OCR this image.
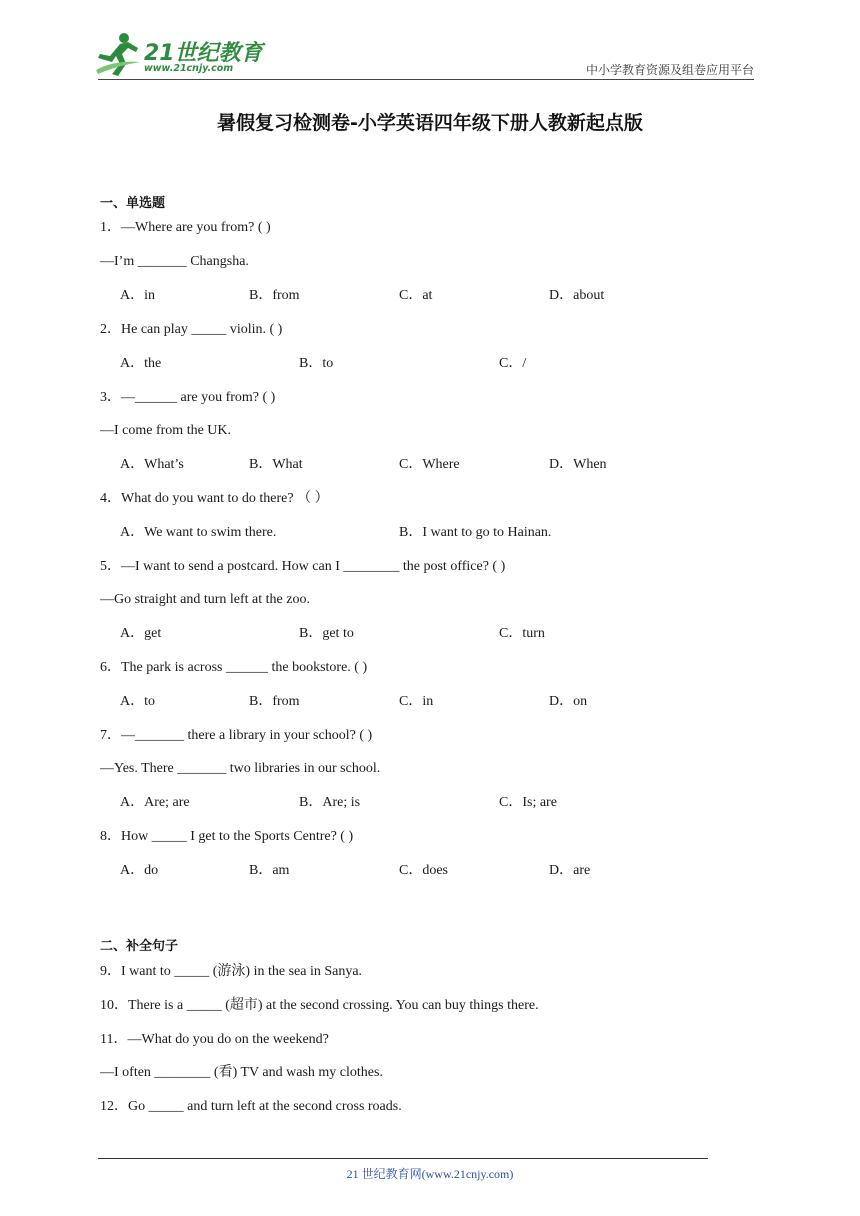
21世纪教育
www.21cnjy.com	中小学教育资源及组卷应用平台
暑假复习检测卷-小学英语四年级下册人教新起点版
一、单选题
1．—Where are you from? ( )
—I’m _______ Changsha.
A．in	B．from	C．at	D．about
2．He can play _____ violin. ( )
A．the	B．to	C．/
3．—______ are you from? ( )
—I come from the UK.
A．What’s	B．What	C．Where	D．When
4．What do you want to do there? （ ）
A．We want to swim there.	B．I want to go to Hainan.
5．—I want to send a postcard. How can I ________ the post office? ( )
—Go straight and turn left at the zoo.
A．get	B．get to	C．turn
6．The park is across ______ the bookstore. ( )
A．to	B．from	C．in	D．on
7．—_______ there a library in your school? ( )
—Yes. There _______ two libraries in our school.
A．Are; are	B．Are; is	C．Is; are
8．How _____ I get to the Sports Centre? ( )
A．do	B．am	C．does	D．are
二、补全句子
9．I want to _____ (游泳) in the sea in Sanya.
10．There is a _____ (超市) at the second crossing. You can buy things there.
11．—What do you do on the weekend?
—I often ________ (看) TV and wash my clothes.
12．Go _____ and turn left at the second cross roads.
21 世纪教育网(www.21cnjy.com)
